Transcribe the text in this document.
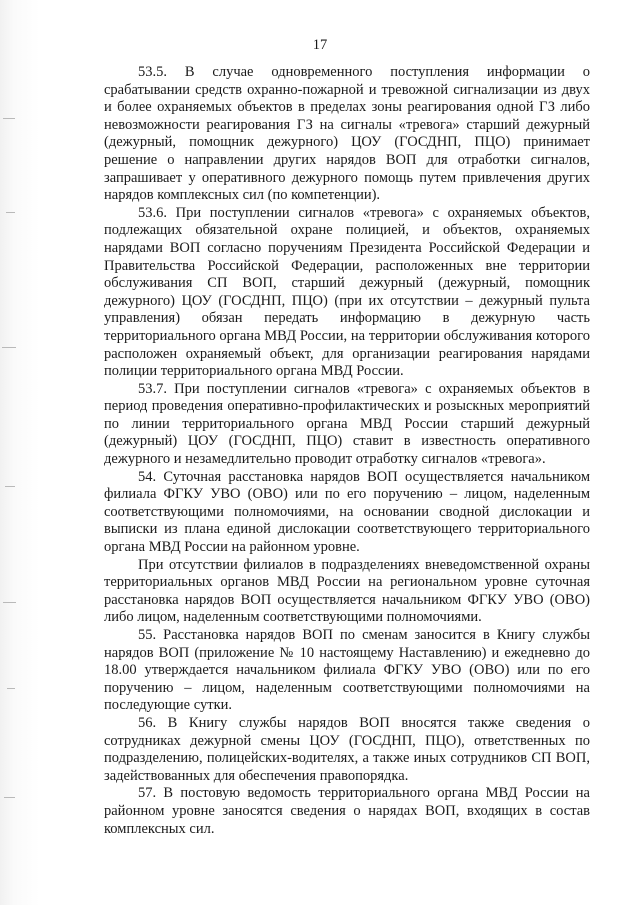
17

53.5. В случае одновременного поступления информации о срабатывании средств охранно-пожарной и тревожной сигнализации из двух и более охраняемых объектов в пределах зоны реагирования одной ГЗ либо невозможности реагирования ГЗ на сигналы «тревога» старший дежурный (дежурный, помощник дежурного) ЦОУ (ГОСДНП, ПЦО) принимает решение о направлении других нарядов ВОП для отработки сигналов, запрашивает у оперативного дежурного помощь путем привлечения других нарядов комплексных сил (по компетенции).

53.6. При поступлении сигналов «тревога» с охраняемых объектов, подлежащих обязательной охране полицией, и объектов, охраняемых нарядами ВОП согласно поручениям Президента Российской Федерации и Правительства Российской Федерации, расположенных вне территории обслуживания СП ВОП, старший дежурный (дежурный, помощник дежурного) ЦОУ (ГОСДНП, ПЦО) (при их отсутствии – дежурный пульта управления) обязан передать информацию в дежурную часть территориального органа МВД России, на территории обслуживания которого расположен охраняемый объект, для организации реагирования нарядами полиции территориального органа МВД России.

53.7. При поступлении сигналов «тревога» с охраняемых объектов в период проведения оперативно-профилактических и розыскных мероприятий по линии территориального органа МВД России старший дежурный (дежурный) ЦОУ (ГОСДНП, ПЦО) ставит в известность оперативного дежурного и незамедлительно проводит отработку сигналов «тревога».

54. Суточная расстановка нарядов ВОП осуществляется начальником филиала ФГКУ УВО (ОВО) или по его поручению – лицом, наделенным соответствующими полномочиями, на основании сводной дислокации и выписки из плана единой дислокации соответствующего территориального органа МВД России на районном уровне.

При отсутствии филиалов в подразделениях вневедомственной охраны территориальных органов МВД России на региональном уровне суточная расстановка нарядов ВОП осуществляется начальником ФГКУ УВО (ОВО) либо лицом, наделенным соответствующими полномочиями.

55. Расстановка нарядов ВОП по сменам заносится в Книгу службы нарядов ВОП (приложение № 10 настоящему Наставлению) и ежедневно до 18.00 утверждается начальником филиала ФГКУ УВО (ОВО) или по его поручению – лицом, наделенным соответствующими полномочиями на последующие сутки.

56. В Книгу службы нарядов ВОП вносятся также сведения о сотрудниках дежурной смены ЦОУ (ГОСДНП, ПЦО), ответственных по подразделению, полицейских-водителях, а также иных сотрудников СП ВОП, задействованных для обеспечения правопорядка.

57. В постовую ведомость территориального органа МВД России на районном уровне заносятся сведения о нарядах ВОП, входящих в состав комплексных сил.
